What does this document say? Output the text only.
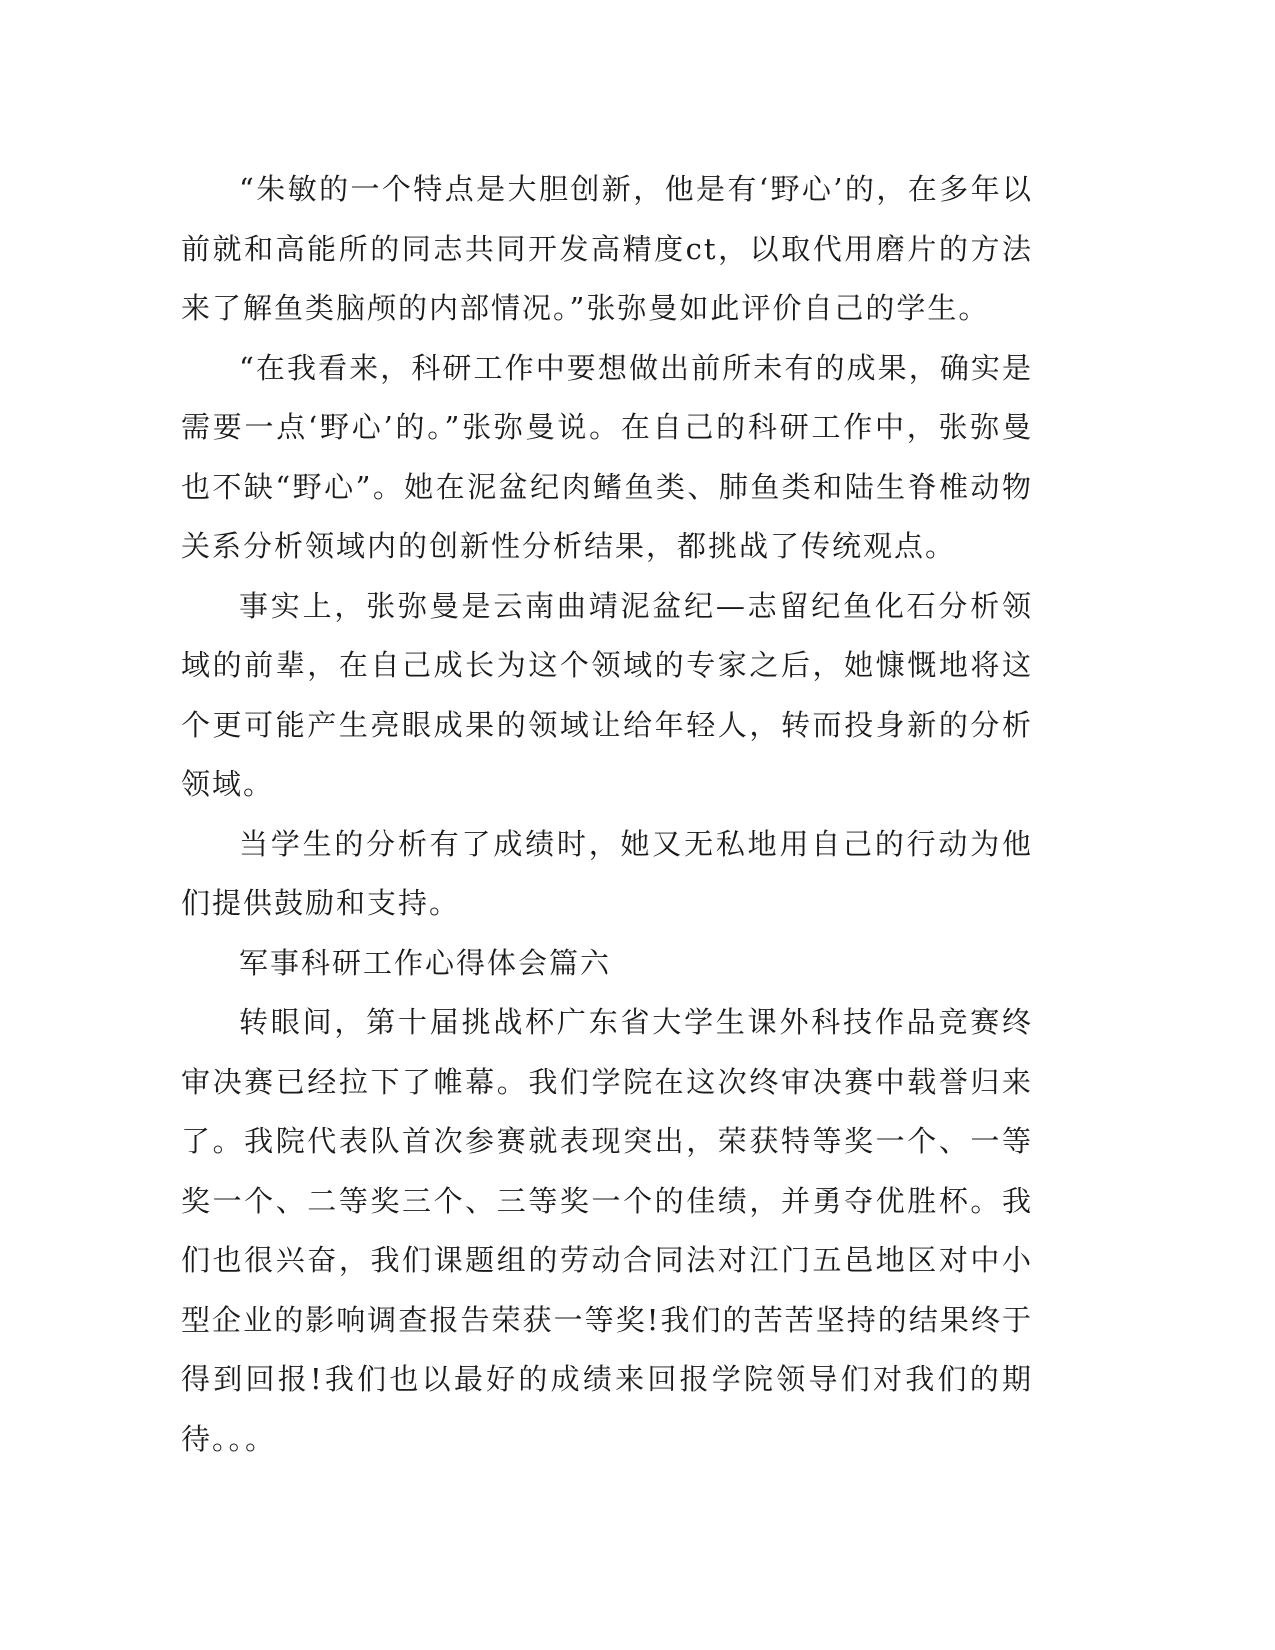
“朱敏的一个特点是大胆创新，他是有‘野心’的，在多年以前就和高能所的同志共同开发高精度ct，以取代用磨片的方法来了解鱼类脑颅的内部情况。”张弥曼如此评价自己的学生。

“在我看来，科研工作中要想做出前所未有的成果，确实是需要一点‘野心’的。”张弥曼说。在自己的科研工作中，张弥曼也不缺“野心”。她在泥盆纪肉鳍鱼类、肺鱼类和陆生脊椎动物关系分析领域内的创新性分析结果，都挑战了传统观点。

事实上，张弥曼是云南曲靖泥盆纪—志留纪鱼化石分析领域的前辈，在自己成长为这个领域的专家之后，她慷慨地将这个更可能产生亮眼成果的领域让给年轻人，转而投身新的分析领域。

当学生的分析有了成绩时，她又无私地用自己的行动为他们提供鼓励和支持。

军事科研工作心得体会篇六

转眼间，第十届挑战杯广东省大学生课外科技作品竞赛终审决赛已经拉下了帷幕。我们学院在这次终审决赛中载誉归来了。我院代表队首次参赛就表现突出，荣获特等奖一个、一等奖一个、二等奖三个、三等奖一个的佳绩，并勇夺优胜杯。我们也很兴奋，我们课题组的劳动合同法对江门五邑地区对中小型企业的影响调查报告荣获一等奖!我们的苦苦坚持的结果终于得到回报!我们也以最好的成绩来回报学院领导们对我们的期待。。。
